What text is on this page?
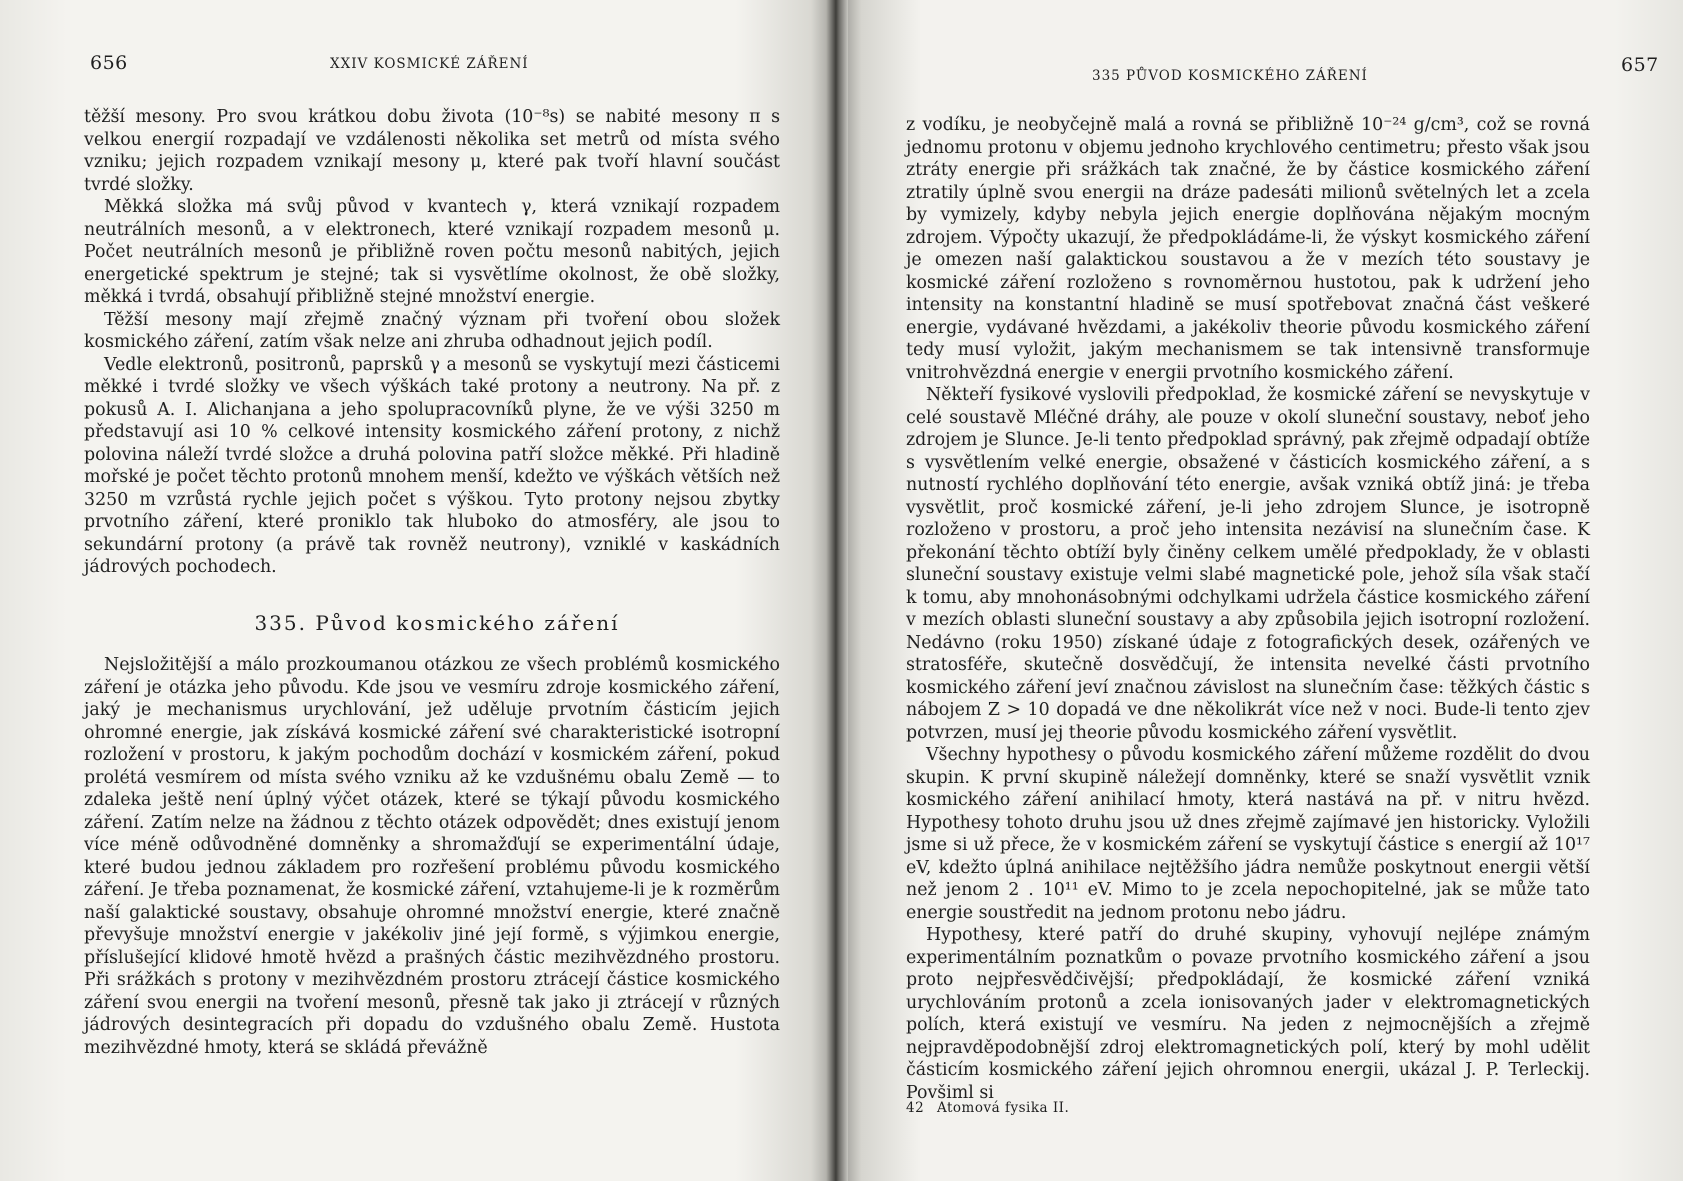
656	XXIV KOSMICKÉ ZÁŘENÍ

těžší mesony. Pro svou krátkou dobu života (10⁻⁸s) se nabité mesony π s velkou energií rozpadají ve vzdálenosti několika set metrů od místa svého vzniku; jejich rozpadem vznikají mesony μ, které pak tvoří hlavní součást tvrdé složky.

Měkká složka má svůj původ v kvantech γ, která vznikají rozpadem neutrálních mesonů, a v elektronech, které vznikají rozpadem mesonů μ. Počet neutrálních mesonů je přibližně roven počtu mesonů nabitých, jejich energetické spektrum je stejné; tak si vysvětlíme okolnost, že obě složky, měkká i tvrdá, obsahují přibližně stejné množství energie.

Těžší mesony mají zřejmě značný význam při tvoření obou složek kosmického záření, zatím však nelze ani zhruba odhadnout jejich podíl.

Vedle elektronů, positronů, paprsků γ a mesonů se vyskytují mezi částicemi měkké i tvrdé složky ve všech výškách také protony a neutrony. Na př. z pokusů A. I. Alichanjana a jeho spolupracovníků plyne, že ve výši 3250 m představují asi 10 % celkové intensity kosmického záření protony, z nichž polovina náleží tvrdé složce a druhá polovina patří složce měkké. Při hladině mořské je počet těchto protonů mnohem menší, kdežto ve výškách větších než 3250 m vzrůstá rychle jejich počet s výškou. Tyto protony nejsou zbytky prvotního záření, které proniklo tak hluboko do atmosféry, ale jsou to sekundární protony (a právě tak rovněž neutrony), vzniklé v kaskádních jádrových pochodech.

335. Původ kosmického záření

Nejsložitější a málo prozkoumanou otázkou ze všech problémů kosmického záření je otázka jeho původu. Kde jsou ve vesmíru zdroje kosmického záření, jaký je mechanismus urychlování, jež uděluje prvotním částicím jejich ohromné energie, jak získává kosmické záření své charakteristické isotropní rozložení v prostoru, k jakým pochodům dochází v kosmickém záření, pokud prolétá vesmírem od místa svého vzniku až ke vzdušnému obalu Země — to zdaleka ještě není úplný výčet otázek, které se týkají původu kosmického záření. Zatím nelze na žádnou z těchto otázek odpovědět; dnes existují jenom více méně odůvodněné domněnky a shromažďují se experimentální údaje, které budou jednou základem pro rozřešení problému původu kosmického záření. Je třeba poznamenat, že kosmické záření, vztahujeme-li je k rozměrům naší galaktické soustavy, obsahuje ohromné množství energie, které značně převyšuje množství energie v jakékoliv jiné její formě, s výjimkou energie, příslušející klidové hmotě hvězd a prašných částic mezihvězdného prostoru. Při srážkách s protony v mezihvězdném prostoru ztrácejí částice kosmického záření svou energii na tvoření mesonů, přesně tak jako ji ztrácejí v různých jádrových desintegracích při dopadu do vzdušného obalu Země. Hustota mezihvězdné hmoty, která se skládá převážně

335 PŮVOD KOSMICKÉHO ZÁŘENÍ	657

z vodíku, je neobyčejně malá a rovná se přibližně 10⁻²⁴ g/cm³, což se rovná jednomu protonu v objemu jednoho krychlového centimetru; přesto však jsou ztráty energie při srážkách tak značné, že by částice kosmického záření ztratily úplně svou energii na dráze padesáti milionů světelných let a zcela by vymizely, kdyby nebyla jejich energie doplňována nějakým mocným zdrojem. Výpočty ukazují, že předpokládáme-li, že výskyt kosmického záření je omezen naší galaktickou soustavou a že v mezích této soustavy je kosmické záření rozloženo s rovnoměrnou hustotou, pak k udržení jeho intensity na konstantní hladině se musí spotřebovat značná část veškeré energie, vydávané hvězdami, a jakékoliv theorie původu kosmického záření tedy musí vyložit, jakým mechanismem se tak intensivně transformuje vnitrohvězdná energie v energii prvotního kosmického záření.

Někteří fysikové vyslovili předpoklad, že kosmické záření se nevyskytuje v celé soustavě Mléčné dráhy, ale pouze v okolí sluneční soustavy, neboť jeho zdrojem je Slunce. Je-li tento předpoklad správný, pak zřejmě odpadají obtíže s vysvětlením velké energie, obsažené v částicích kosmického záření, a s nutností rychlého doplňování této energie, avšak vzniká obtíž jiná: je třeba vysvětlit, proč kosmické záření, je-li jeho zdrojem Slunce, je isotropně rozloženo v prostoru, a proč jeho intensita nezávisí na slunečním čase. K překonání těchto obtíží byly činěny celkem umělé předpoklady, že v oblasti sluneční soustavy existuje velmi slabé magnetické pole, jehož síla však stačí k tomu, aby mnohonásobnými odchylkami udržela částice kosmického záření v mezích oblasti sluneční soustavy a aby způsobila jejich isotropní rozložení. Nedávno (roku 1950) získané údaje z fotografických desek, ozářených ve stratosféře, skutečně dosvědčují, že intensita nevelké části prvotního kosmického záření jeví značnou závislost na slunečním čase: těžkých částic s nábojem Z > 10 dopadá ve dne několikrát více než v noci. Bude-li tento zjev potvrzen, musí jej theorie původu kosmického záření vysvětlit.

Všechny hypothesy o původu kosmického záření můžeme rozdělit do dvou skupin. K první skupině náležejí domněnky, které se snaží vysvětlit vznik kosmického záření anihilací hmoty, která nastává na př. v nitru hvězd. Hypothesy tohoto druhu jsou už dnes zřejmě zajímavé jen historicky. Vyložili jsme si už přece, že v kosmickém záření se vyskytují částice s energií až 10¹⁷ eV, kdežto úplná anihilace nejtěžšího jádra nemůže poskytnout energii větší než jenom 2 . 10¹¹ eV. Mimo to je zcela nepochopitelné, jak se může tato energie soustředit na jednom protonu nebo jádru.

Hypothesy, které patří do druhé skupiny, vyhovují nejlépe známým experimentálním poznatkům o povaze prvotního kosmického záření a jsou proto nejpřesvědčivější; předpokládají, že kosmické záření vzniká urychlováním protonů a zcela ionisovaných jader v elektromagnetických polích, která existují ve vesmíru. Na jeden z nejmocnějších a zřejmě nejpravděpodobnější zdroj elektromagnetických polí, který by mohl udělit částicím kosmického záření jejich ohromnou energii, ukázal J. P. Terleckij. Povšiml si

42 Atomová fysika II.
